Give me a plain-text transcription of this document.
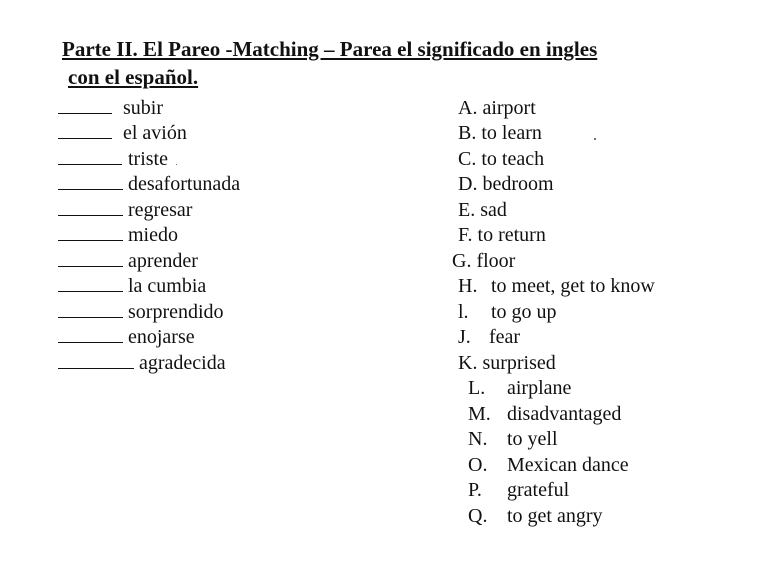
Parte II. El Pareo -Matching – Parea el significado en ingles
con el español.
subir
el avión
triste
desafortunada
regresar
miedo
aprender
la cumbia
sorprendido
enojarse
agradecida
A. airport
B. to learn
C. to teach
D. bedroom
E. sad
F. to return
G. floor
H. to meet, get to know
l. to go up
J. fear
K. surprised
L. airplane
M. disadvantaged
N. to yell
O. Mexican dance
P. grateful
Q. to get angry
